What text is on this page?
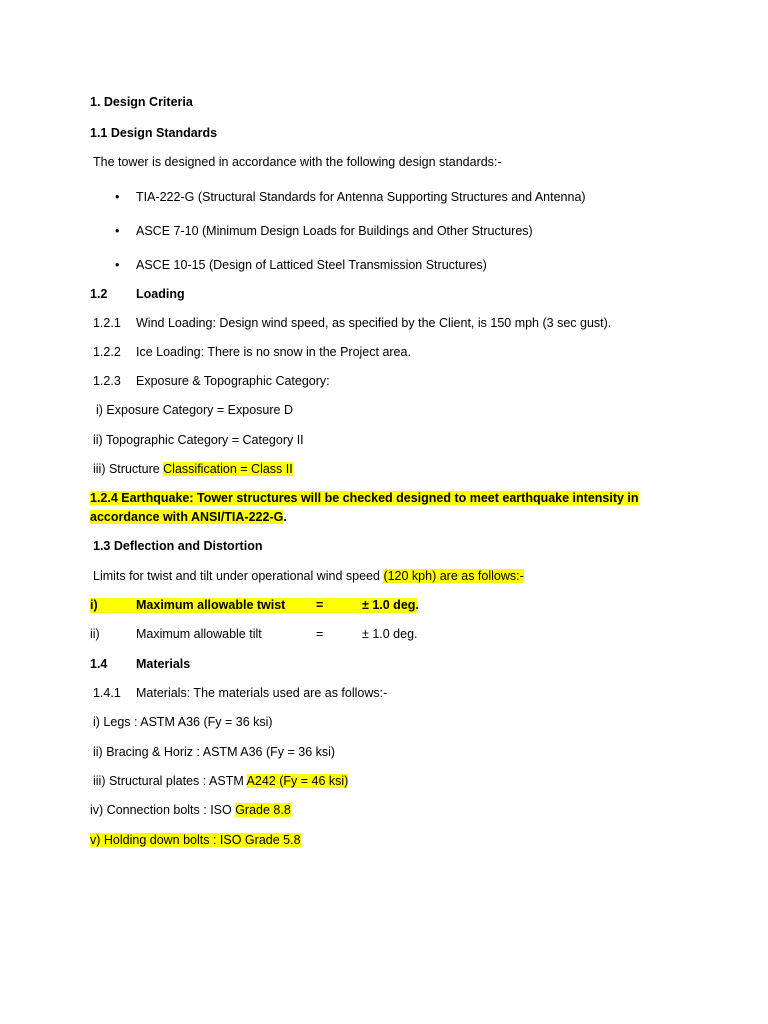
1. Design Criteria
1.1 Design Standards
The tower is designed in accordance with the following design standards:-
• TIA-222-G (Structural Standards for Antenna Supporting Structures and Antenna)
• ASCE 7-10 (Minimum Design Loads for Buildings and Other Structures)
• ASCE 10-15 (Design of Latticed Steel Transmission Structures)
1.2 Loading
1.2.1 Wind Loading: Design wind speed, as specified by the Client, is 150 mph (3 sec gust).
1.2.2 Ice Loading: There is no snow in the Project area.
1.2.3 Exposure & Topographic Category:
i) Exposure Category = Exposure D
ii) Topographic Category = Category II
iii) Structure Classification = Class II
1.2.4 Earthquake: Tower structures will be checked designed to meet earthquake intensity in
accordance with ANSI/TIA-222-G.
1.3 Deflection and Distortion
Limits for twist and tilt under operational wind speed (120 kph) are as follows:-
i)	Maximum allowable twist =	± 1.0 deg.
ii)	Maximum allowable tilt	=	± 1.0 deg.
1.4 Materials
1.4.1 Materials: The materials used are as follows:-
i) Legs : ASTM A36 (Fy = 36 ksi)
ii) Bracing & Horiz : ASTM A36 (Fy = 36 ksi)
iii) Structural plates : ASTM A242 (Fy = 46 ksi)
iv) Connection bolts : ISO Grade 8.8
v) Holding down bolts : ISO Grade 5.8
